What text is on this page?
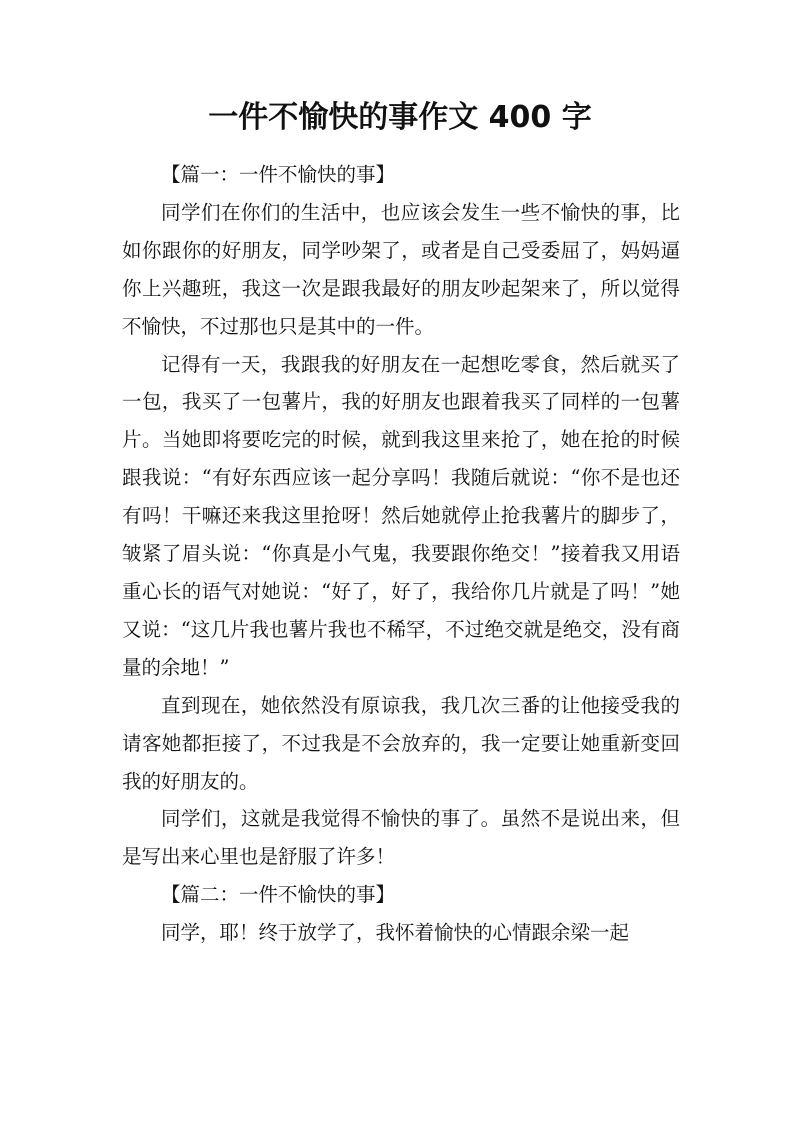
一件不愉快的事作文 400 字

【篇一：一件不愉快的事】

同学们在你们的生活中，也应该会发生一些不愉快的事，比如你跟你的好朋友，同学吵架了，或者是自己受委屈了，妈妈逼你上兴趣班，我这一次是跟我最好的朋友吵起架来了，所以觉得不愉快，不过那也只是其中的一件。

记得有一天，我跟我的好朋友在一起想吃零食，然后就买了一包，我买了一包薯片，我的好朋友也跟着我买了同样的一包薯片。当她即将要吃完的时候，就到我这里来抢了，她在抢的时候跟我说：“有好东西应该一起分享吗！我随后就说：“你不是也还有吗！干嘛还来我这里抢呀！然后她就停止抢我薯片的脚步了，皱紧了眉头说：“你真是小气鬼，我要跟你绝交！”接着我又用语重心长的语气对她说：“好了，好了，我给你几片就是了吗！”她又说：“这几片我也薯片我也不稀罕，不过绝交就是绝交，没有商量的余地！”

直到现在，她依然没有原谅我，我几次三番的让他接受我的请客她都拒接了，不过我是不会放弃的，我一定要让她重新变回我的好朋友的。

同学们，这就是我觉得不愉快的事了。虽然不是说出来，但是写出来心里也是舒服了许多！

【篇二：一件不愉快的事】

同学，耶！终于放学了，我怀着愉快的心情跟余梁一起
